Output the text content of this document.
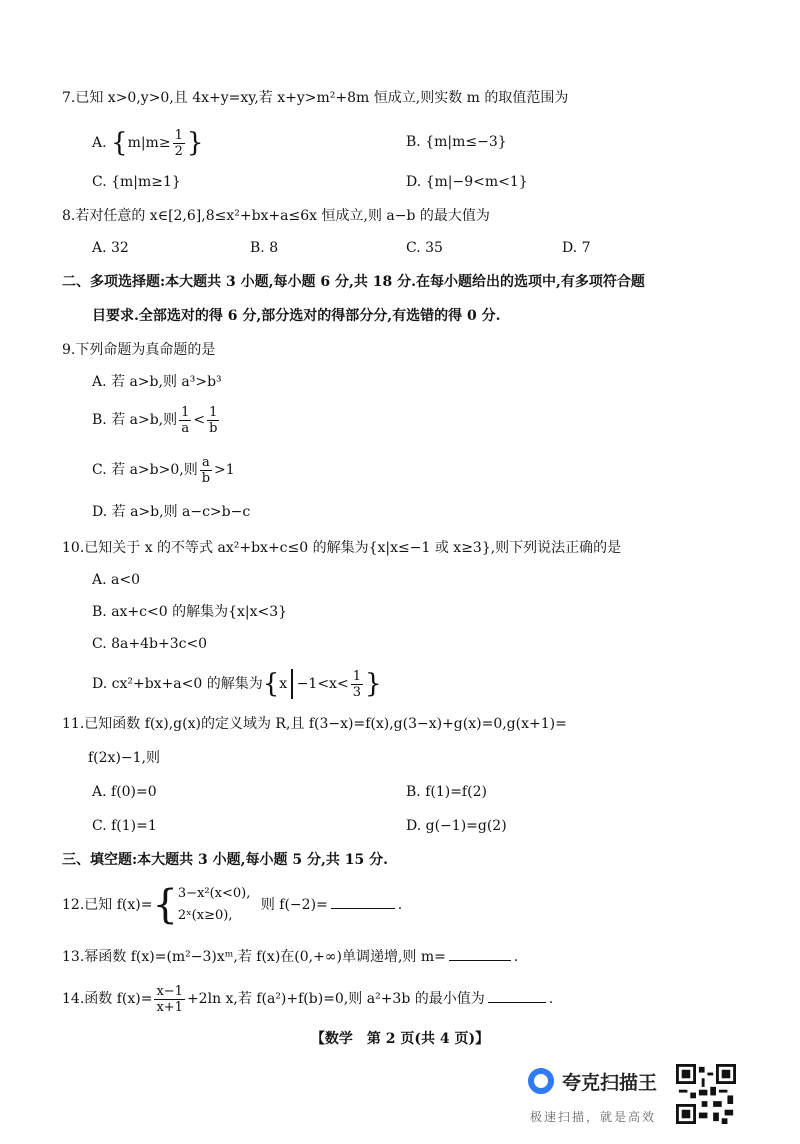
7.已知 x>0,y>0,且 4x+y=xy,若 x+y>m²+8m 恒成立,则实数 m 的取值范围为
A. {$m|m\ge \frac{1}{2}$ }	B. {m|m≤−3}
C. {m|m≥1}	D. {m|−9<m<1}
8.若对任意的 x∈[2,6],8≤x²+bx+a≤6x 恒成立,则 a−b 的最大值为
A. 32	B. 8	C. 35	D. 7
二、多项选择题:本大题共 3 小题,每小题 6 分,共 18 分.在每小题给出的选项中,有多项符合题
目要求.全部选对的得 6 分,部分选对的得部分分,有选错的得 0 分.
9.下列命题为真命题的是
A. 若 a>b,则 a³>b³
B. 若 a>b,则 $\frac{1}{a} < \frac{1}{b}$
C. 若 a>b>0,则 $\frac{a}{b} >1$
D. 若 a>b,则 a−c>b−c
10.已知关于 x 的不等式 ax²+bx+c≤0 的解集为{x|x≤−1 或 x≥3},则下列说法正确的是
A. a<0
B. ax+c<0 的解集为{x|x<3}
C. 8a+4b+3c<0
D. cx²+bx+a<0 的解集为{$x -1<x< \frac{1}{3}$ }
11.已知函数 f(x),g(x)的定义域为 R,且 f(3−x)=f(x),g(3−x)+g(x)=0,g(x+1)=
f(2x)−1,则
A. f(0)=0	B. f(1)=f(2)
C. f(1)=1	D. g(−1)=g(2)
三、填空题:本大题共 3 小题,每小题 5 分,共 15 分.
12.已知 f(x)={ 3−x²(x<0),
2ˣ(x≥0),
则 f(−2)=	.
13.幂函数 f(x)=(m²−3)xᵐ,若 f(x)在(0,+∞)单调递增,则 m=	.
14.函数 $f(x)= \frac{x-1}{x+1} +2\ln$ x,若 f(a²)+f(b)=0,则 a²+3b 的最小值为	.
【数学　第 2 页(共 4 页)】
夸克扫描王
极速扫描，就是高效
